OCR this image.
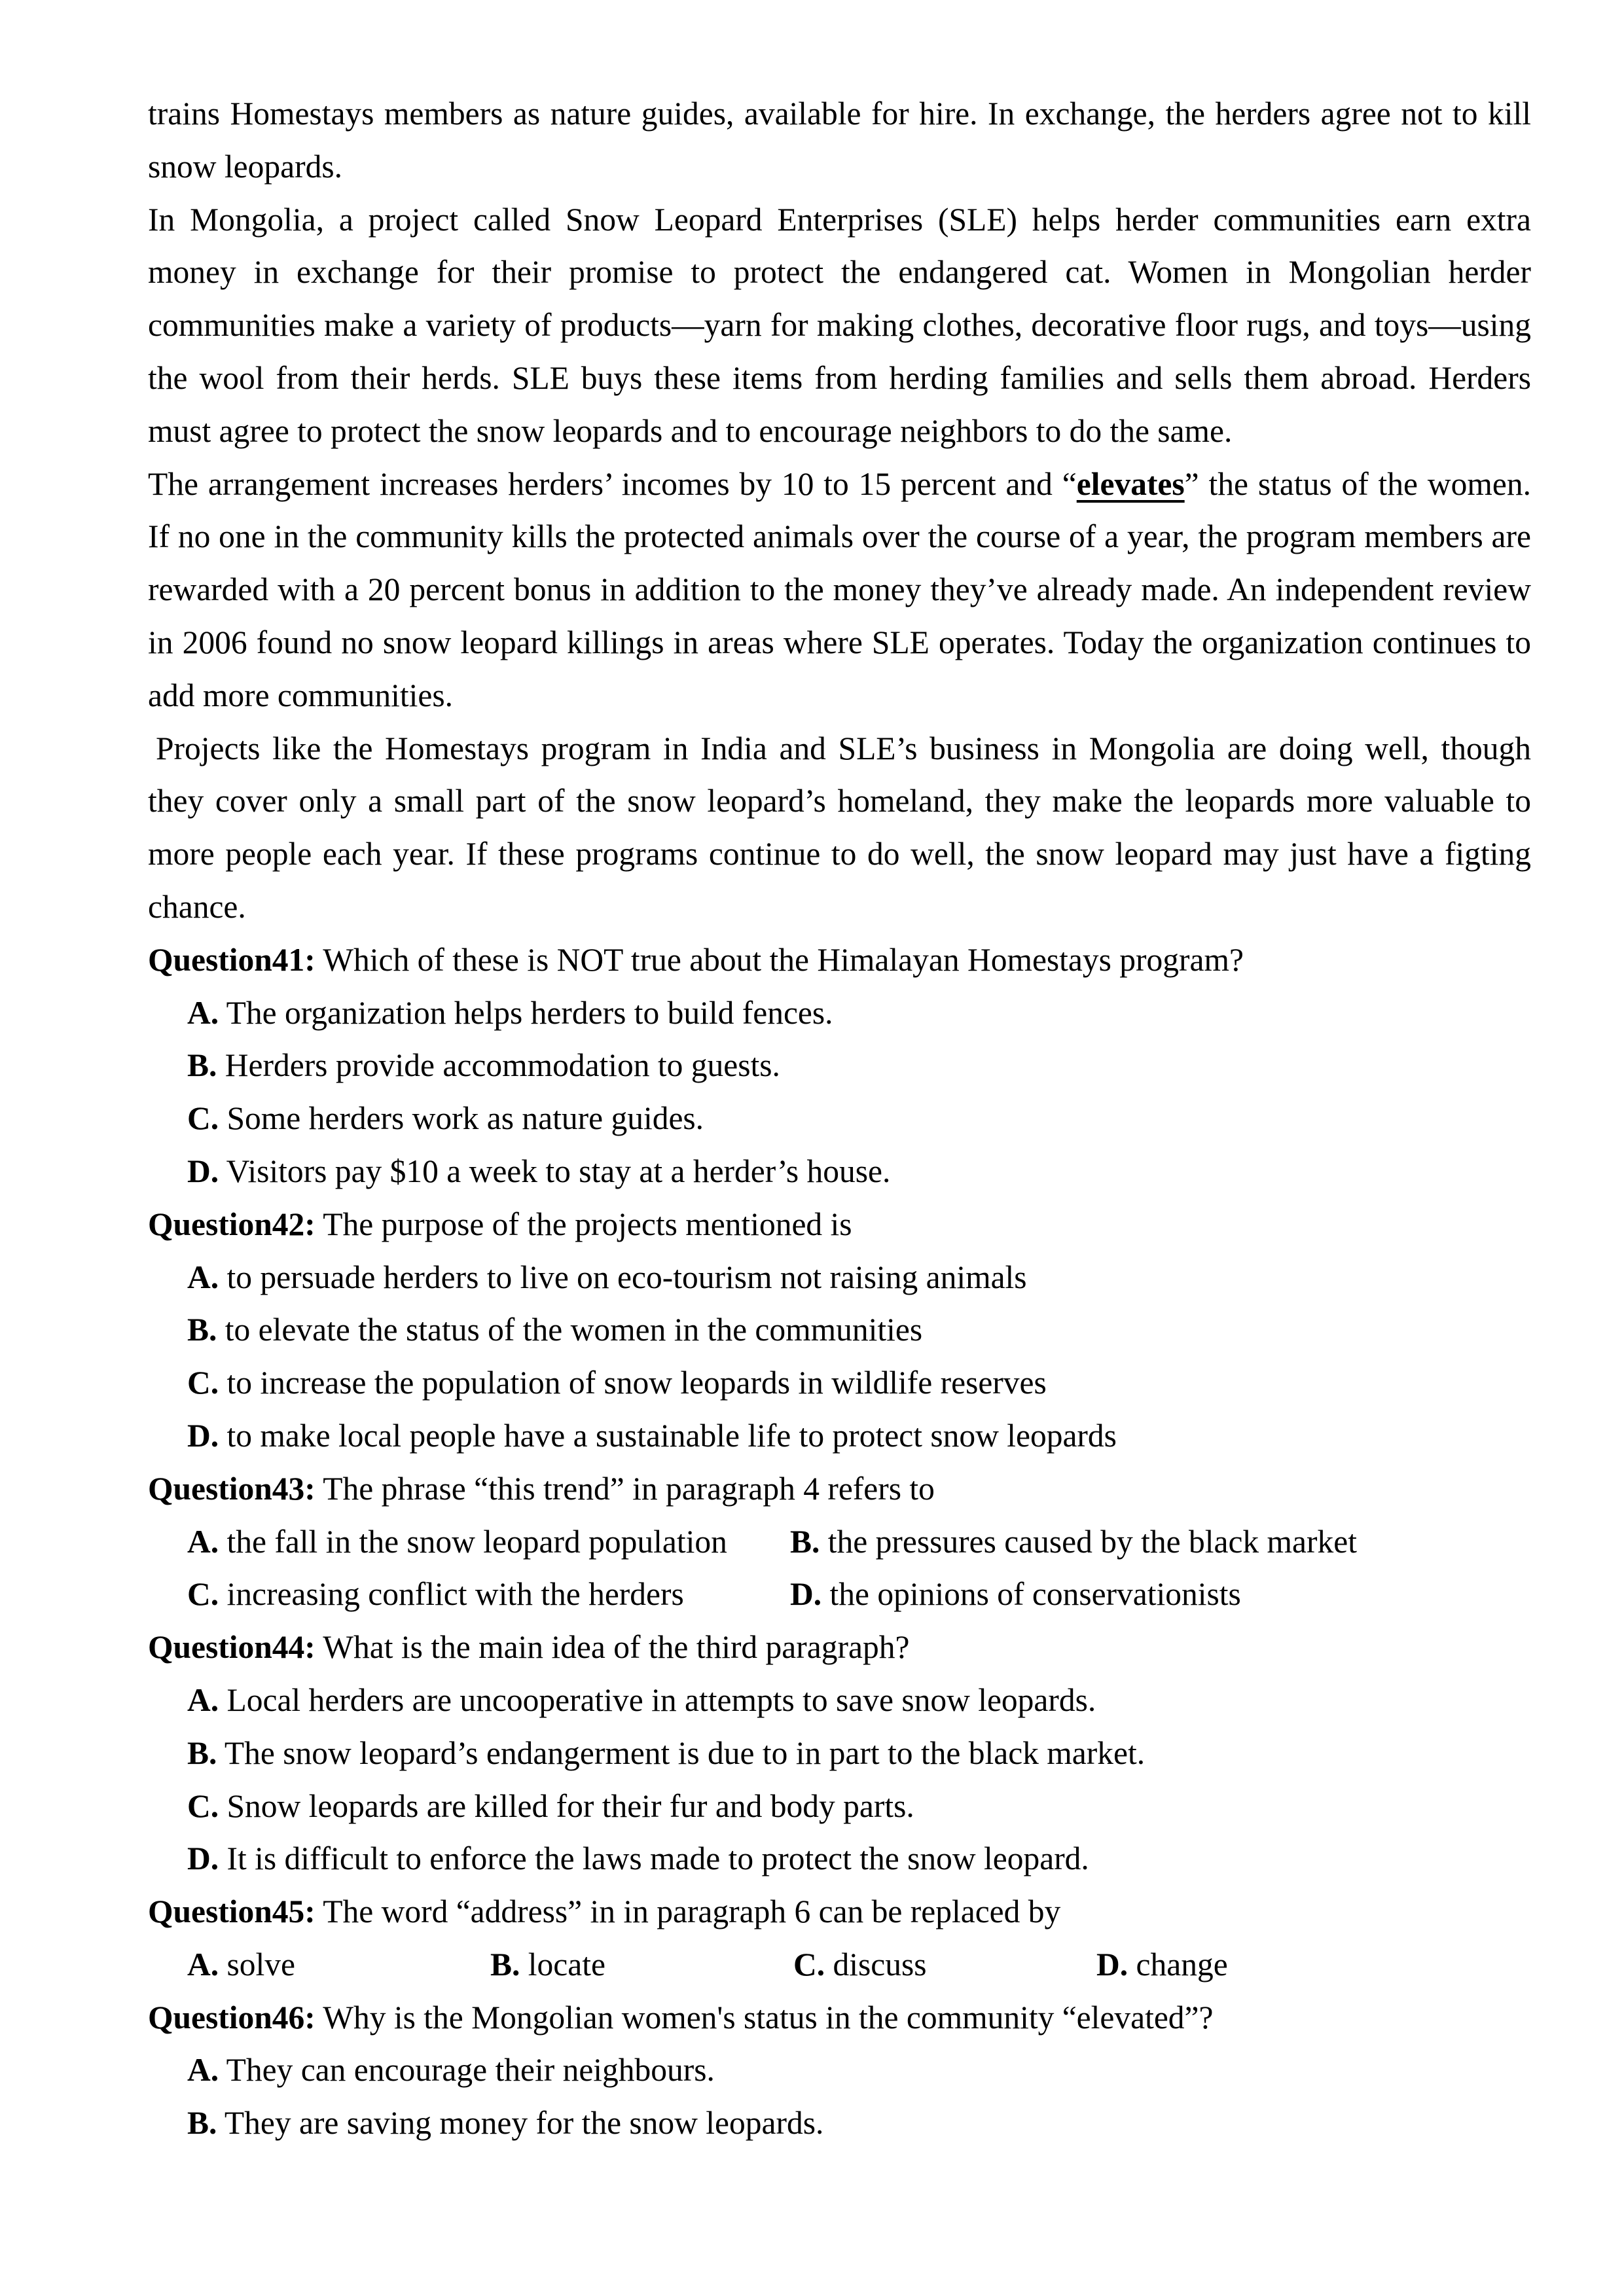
trains Homestays members as nature guides, available for hire. In exchange, the herders agree not to kill snow leopards.

In Mongolia, a project called Snow Leopard Enterprises (SLE) helps herder communities earn extra money in exchange for their promise to protect the endangered cat. Women in Mongolian herder communities make a variety of products—yarn for making clothes, decorative floor rugs, and toys—using the wool from their herds. SLE buys these items from herding families and sells them abroad. Herders must agree to protect the snow leopards and to encourage neighbors to do the same.

The arrangement increases herders’ incomes by 10 to 15 percent and “elevates” the status of the women. If no one in the community kills the protected animals over the course of a year, the program members are rewarded with a 20 percent bonus in addition to the money they’ve already made. An independent review in 2006 found no snow leopard killings in areas where SLE operates. Today the organization continues to add more communities.

Projects like the Homestays program in India and SLE’s business in Mongolia are doing well, though they cover only a small part of the snow leopard’s homeland, they make the leopards more valuable to more people each year. If these programs continue to do well, the snow leopard may just have a figting chance.

Question41: Which of these is NOT true about the Himalayan Homestays program?

A. The organization helps herders to build fences.

B. Herders provide accommodation to guests.

C. Some herders work as nature guides.

D. Visitors pay $10 a week to stay at a herder’s house.

Question42: The purpose of the projects mentioned is

A. to persuade herders to live on eco-tourism not raising animals

B. to elevate the status of the women in the communities

C. to increase the population of snow leopards in wildlife reserves

D. to make local people have a sustainable life to protect snow leopards

Question43: The phrase “this trend” in paragraph 4 refers to

A. the fall in the snow leopard population	B. the pressures caused by the black market
C. increasing conflict with the herders	D. the opinions of conservationists

Question44: What is the main idea of the third paragraph?

A. Local herders are uncooperative in attempts to save snow leopards.

B. The snow leopard’s endangerment is due to in part to the black market.

C. Snow leopards are killed for their fur and body parts.

D. It is difficult to enforce the laws made to protect the snow leopard.

Question45: The word “address” in in paragraph 6 can be replaced by

A. solve	B. locate	C. discuss	D. change

Question46: Why is the Mongolian women's status in the community “elevated”?

A. They can encourage their neighbours.

B. They are saving money for the snow leopards.
